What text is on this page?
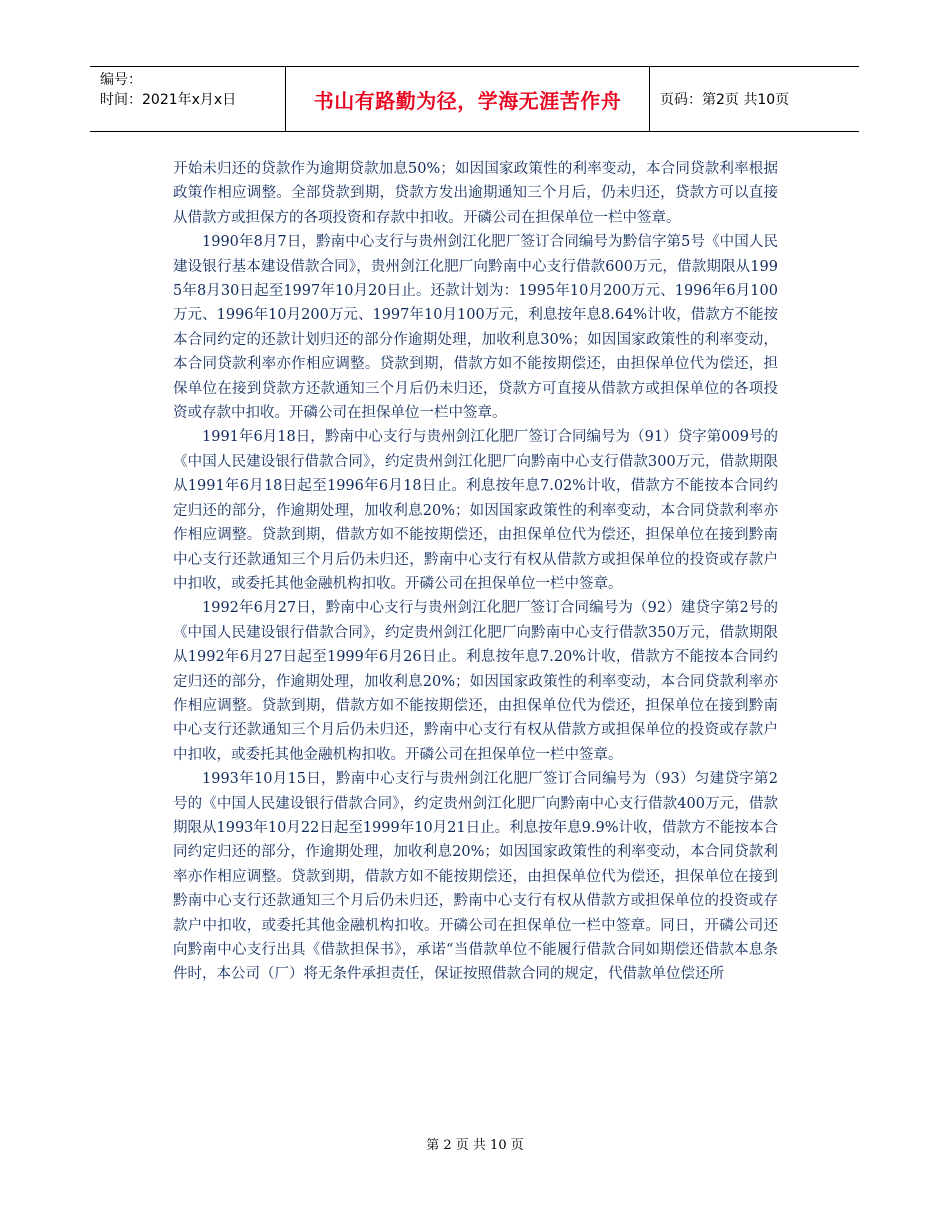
编号：
时间：2021年x月x日	书山有路勤为径，学海无涯苦作舟	页码：第2页 共10页

开始未归还的贷款作为逾期贷款加息50%；如因国家政策性的利率变动，本合同贷款利率根据政策作相应调整。全部贷款到期，贷款方发出逾期通知三个月后，仍未归还，贷款方可以直接从借款方或担保方的各项投资和存款中扣收。开磷公司在担保单位一栏中签章。

1990年8月7日，黔南中心支行与贵州剑江化肥厂签订合同编号为黔信字第5号《中国人民建设银行基本建设借款合同》，贵州剑江化肥厂向黔南中心支行借款600万元，借款期限从1995年8月30日起至1997年10月20日止。还款计划为：1995年10月200万元、1996年6月100万元、1996年10月200万元、1997年10月100万元，利息按年息8.64%计收，借款方不能按本合同约定的还款计划归还的部分作逾期处理，加收利息30%；如因国家政策性的利率变动，本合同贷款利率亦作相应调整。贷款到期，借款方如不能按期偿还，由担保单位代为偿还，担保单位在接到贷款方还款通知三个月后仍未归还，贷款方可直接从借款方或担保单位的各项投资或存款中扣收。开磷公司在担保单位一栏中签章。

1991年6月18日，黔南中心支行与贵州剑江化肥厂签订合同编号为（91）贷字第009号的《中国人民建设银行借款合同》，约定贵州剑江化肥厂向黔南中心支行借款300万元，借款期限从1991年6月18日起至1996年6月18日止。利息按年息7.02%计收，借款方不能按本合同约定归还的部分，作逾期处理，加收利息20%；如因国家政策性的利率变动，本合同贷款利率亦作相应调整。贷款到期，借款方如不能按期偿还，由担保单位代为偿还，担保单位在接到黔南中心支行还款通知三个月后仍未归还，黔南中心支行有权从借款方或担保单位的投资或存款户中扣收，或委托其他金融机构扣收。开磷公司在担保单位一栏中签章。

1992年6月27日，黔南中心支行与贵州剑江化肥厂签订合同编号为（92）建贷字第2号的《中国人民建设银行借款合同》，约定贵州剑江化肥厂向黔南中心支行借款350万元，借款期限从1992年6月27日起至1999年6月26日止。利息按年息7.20%计收，借款方不能按本合同约定归还的部分，作逾期处理，加收利息20%；如因国家政策性的利率变动，本合同贷款利率亦作相应调整。贷款到期，借款方如不能按期偿还，由担保单位代为偿还，担保单位在接到黔南中心支行还款通知三个月后仍未归还，黔南中心支行有权从借款方或担保单位的投资或存款户中扣收，或委托其他金融机构扣收。开磷公司在担保单位一栏中签章。

1993年10月15日，黔南中心支行与贵州剑江化肥厂签订合同编号为（93）匀建贷字第2号的《中国人民建设银行借款合同》，约定贵州剑江化肥厂向黔南中心支行借款400万元，借款期限从1993年10月22日起至1999年10月21日止。利息按年息9.9%计收，借款方不能按本合同约定归还的部分，作逾期处理，加收利息20%；如因国家政策性的利率变动，本合同贷款利率亦作相应调整。贷款到期，借款方如不能按期偿还，由担保单位代为偿还，担保单位在接到黔南中心支行还款通知三个月后仍未归还，黔南中心支行有权从借款方或担保单位的投资或存款户中扣收，或委托其他金融机构扣收。开磷公司在担保单位一栏中签章。同日，开磷公司还向黔南中心支行出具《借款担保书》，承诺“当借款单位不能履行借款合同如期偿还借款本息条件时，本公司（厂）将无条件承担责任，保证按照借款合同的规定，代借款单位偿还所

第 2 页 共 10 页
